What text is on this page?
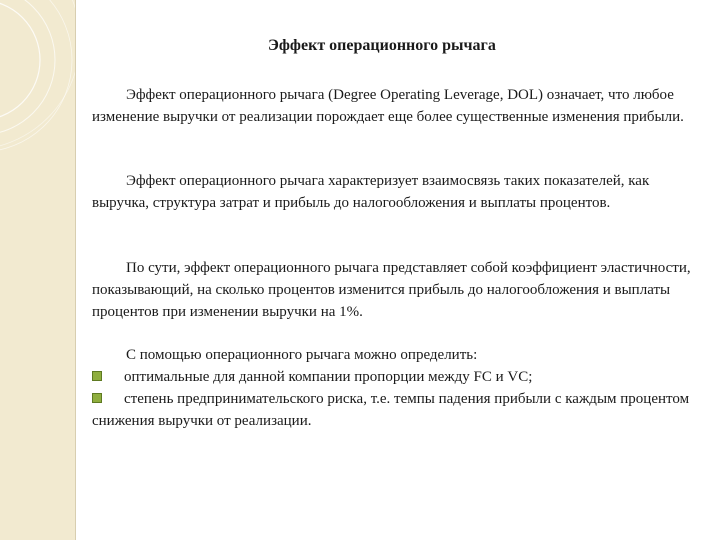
Эффект операционного рычага

Эффект операционного рычага (Degree Operating Leverage, DOL) означает, что любое изменение выручки от реализации порождает еще более существенные изменения прибыли.

Эффект операционного рычага характеризует взаимосвязь таких показателей, как выручка, структура затрат и прибыль до налогообложения и выплаты процентов.

По сути, эффект операционного рычага представляет собой коэффициент эластичности, показывающий, на сколько процентов изменится прибыль до налогообложения и выплаты процентов при изменении выручки на 1%.

С помощью операционного рычага можно определить:

оптимальные для данной компании пропорции между FC и VC;
степень предпринимательского риска, т.е. темпы падения прибыли с каждым процентом снижения выручки от реализации.
